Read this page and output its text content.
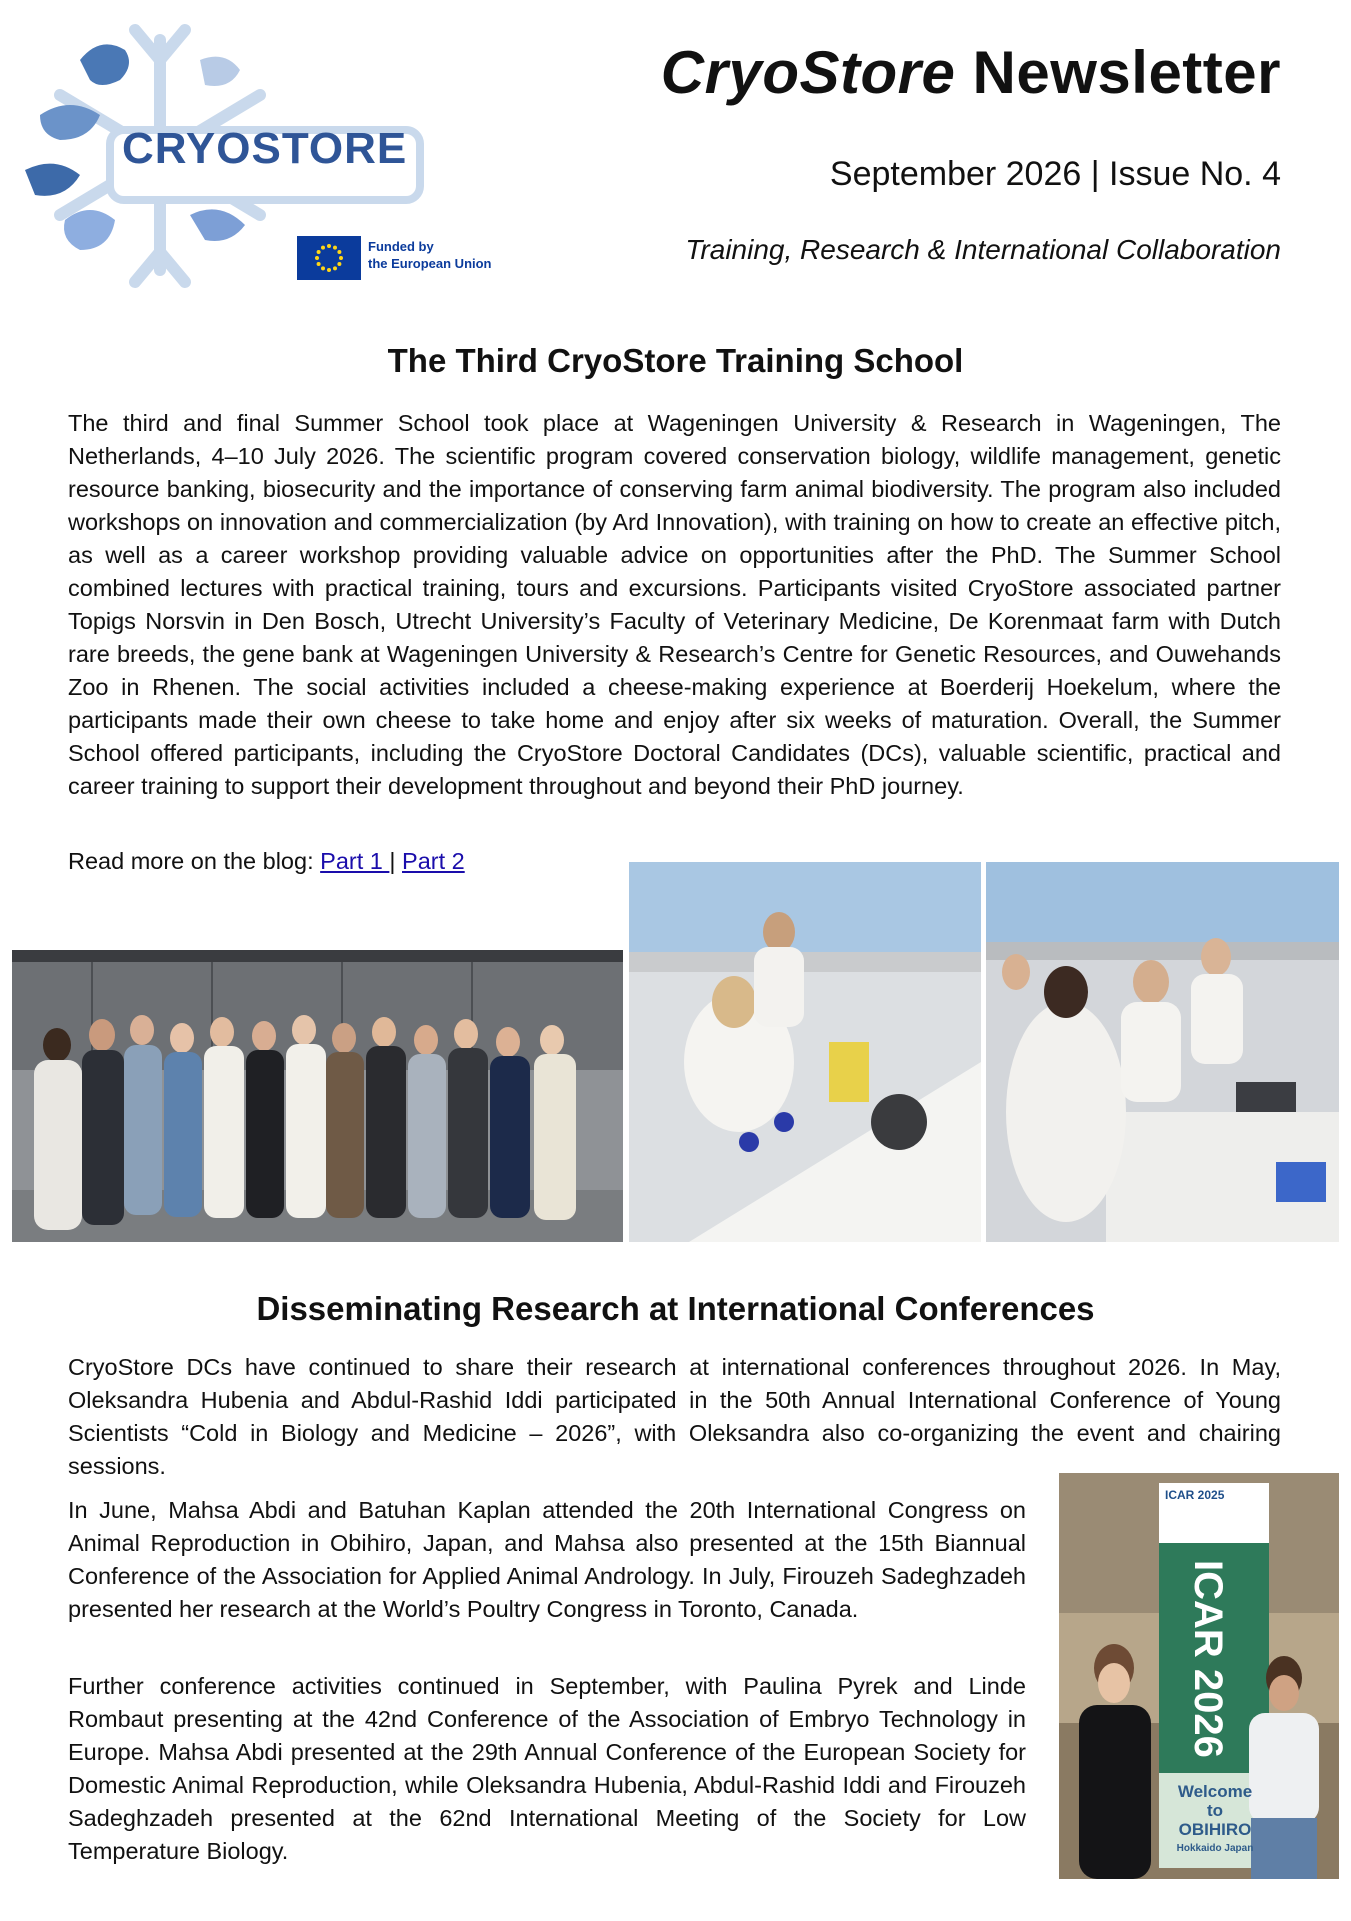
CRYOSTORE
Funded by
the European Union
CryoStore Newsletter
September 2026 | Issue No. 4
Training, Research & International Collaboration
The Third CryoStore Training School
The third and final Summer School took place at Wageningen University & Research in Wageningen, The Netherlands, 4–10 July 2026. The scientific program covered conservation biology, wildlife management, genetic resource banking, biosecurity and the importance of conserving farm animal biodiversity. The program also included workshops on innovation and commercialization (by Ard Innovation), with training on how to create an effective pitch, as well as a career workshop providing valuable advice on opportunities after the PhD. The Summer School combined lectures with practical training, tours and excursions. Participants visited CryoStore associated partner Topigs Norsvin in Den Bosch, Utrecht University’s Faculty of Veterinary Medicine, De Korenmaat farm with Dutch rare breeds, the gene bank at Wageningen University & Research’s Centre for Genetic Resources, and Ouwehands Zoo in Rhenen. The social activities included a cheese-making experience at Boerderij Hoekelum, where the participants made their own cheese to take home and enjoy after six weeks of maturation. Overall, the Summer School offered participants, including the CryoStore Doctoral Candidates (DCs), valuable scientific, practical and career training to support their development throughout and beyond their PhD journey.
Read more on the blog: Part 1 | Part 2
Disseminating Research at International Conferences
CryoStore DCs have continued to share their research at international conferences throughout 2026. In May, Oleksandra Hubenia and Abdul-Rashid Iddi participated in the 50th Annual International Conference of Young Scientists “Cold in Biology and Medicine – 2026”, with Oleksandra also co-organizing the event and chairing sessions.
In June, Mahsa Abdi and Batuhan Kaplan attended the 20th International Congress on Animal Reproduction in Obihiro, Japan, and Mahsa also presented at the 15th Biannual Conference of the Association for Applied Animal Andrology. In July, Firouzeh Sadeghzadeh presented her research at the World’s Poultry Congress in Toronto, Canada.
Further conference activities continued in September, with Paulina Pyrek and Linde Rombaut presenting at the 42nd Conference of the Association of Embryo Technology in Europe. Mahsa Abdi presented at the 29th Annual Conference of the European Society for Domestic Animal Reproduction, while Oleksandra Hubenia, Abdul-Rashid Iddi and Firouzeh Sadeghzadeh presented at the 62nd International Meeting of the Society for Low Temperature Biology.
ICAR 2025
ICAR 2026
Welcome
to
OBIHIRO
Hokkaido Japan
